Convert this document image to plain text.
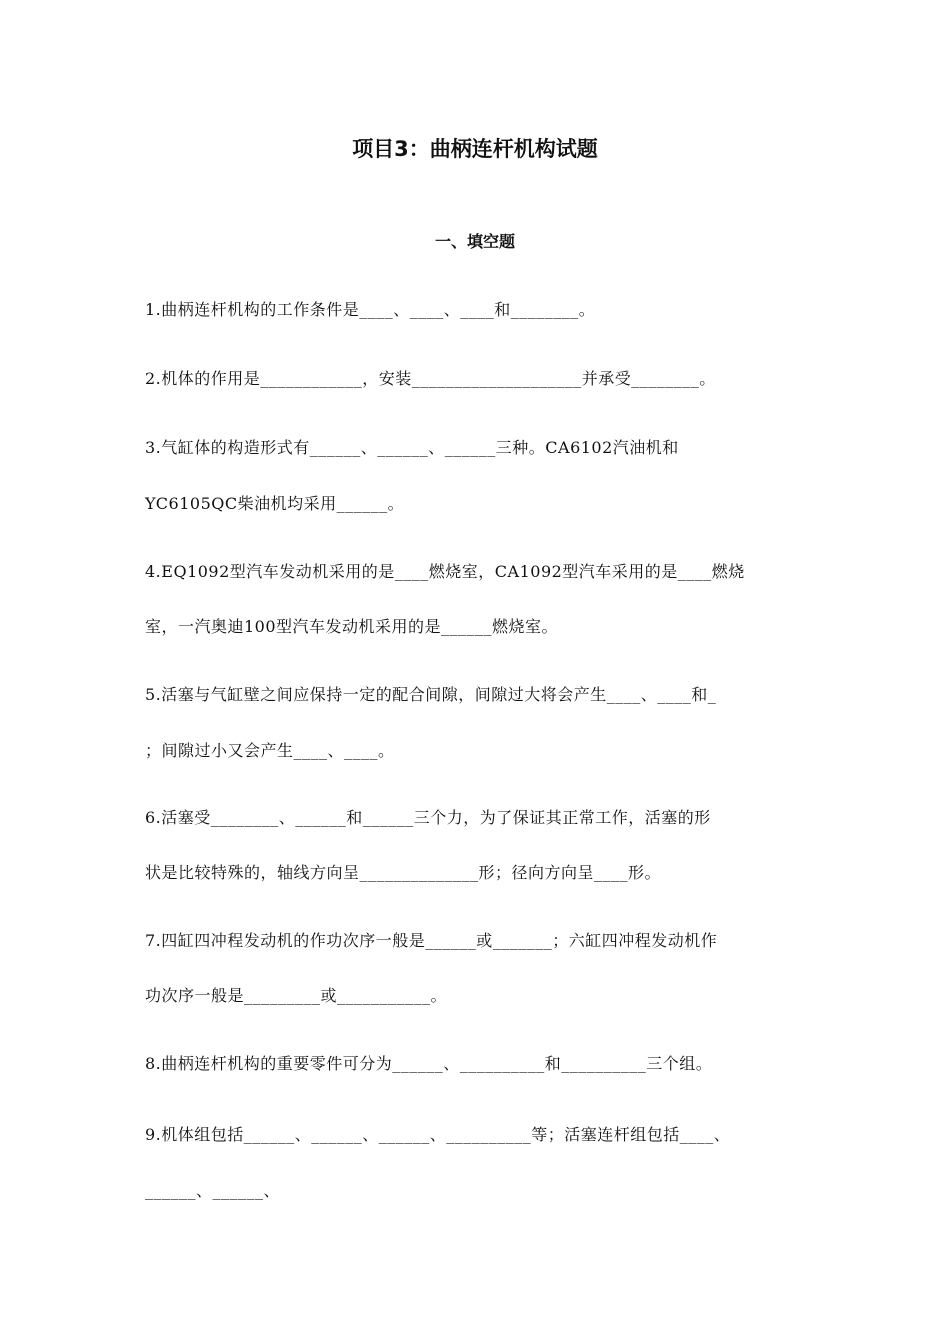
项目3：曲柄连杆机构试题
一、填空题
1.曲柄连杆机构的工作条件是____、____、____和________。
2.机体的作用是____________，安装____________________并承受________。
3.气缸体的构造形式有______、______、______三种。CA6102汽油机和
YC6105QC柴油机均采用______。
4.EQ1092型汽车发动机采用的是____燃烧室，CA1092型汽车采用的是____燃烧
室，一汽奥迪100型汽车发动机采用的是______燃烧室。
5.活塞与气缸壁之间应保持一定的配合间隙，间隙过大将会产生____、____和_
；间隙过小又会产生____、____。
6.活塞受________、______和______三个力，为了保证其正常工作，活塞的形
状是比较特殊的，轴线方向呈______________形；径向方向呈____形。
7.四缸四冲程发动机的作功次序一般是______或_______；六缸四冲程发动机作
功次序一般是_________或___________。
8.曲柄连杆机构的重要零件可分为______、__________和__________三个组。
9.机体组包括______、______、______、__________等；活塞连杆组包括____、
______、______、
